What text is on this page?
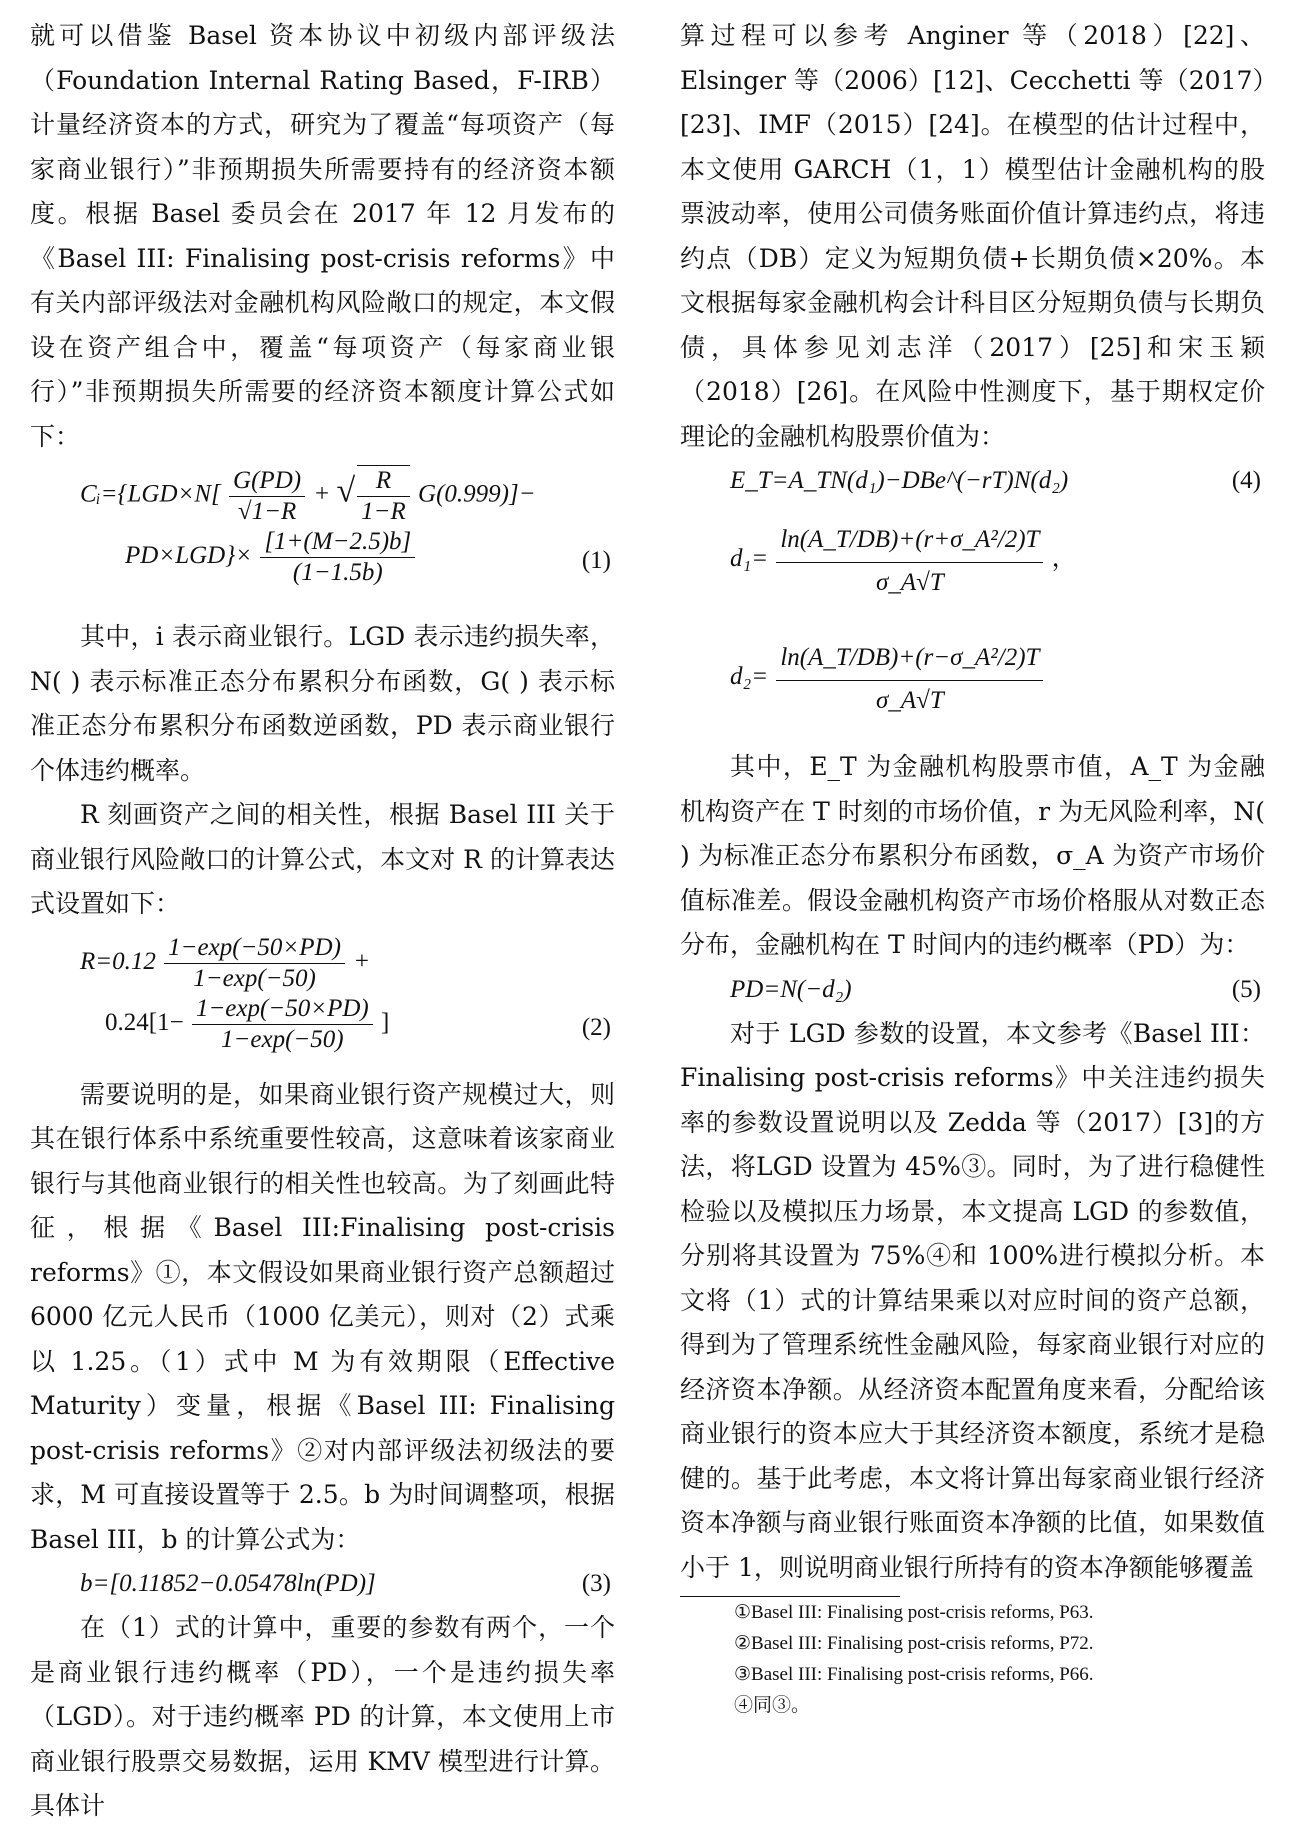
就可以借鉴 Basel 资本协议中初级内部评级法（Foundation Internal Rating Based，F-IRB）计量经济资本的方式，研究为了覆盖“每项资产（每家商业银行）”非预期损失所需要持有的经济资本额度。根据 Basel 委员会在 2017 年 12 月发布的《Basel III: Finalising post-crisis reforms》中有关内部评级法对金融机构风险敞口的规定，本文假设在资产组合中，覆盖“每项资产（每家商业银行）”非预期损失所需要的经济资本额度计算公式如下：

Cᵢ={LGD×N[ $\frac{G(PD)}{√1-R}$ + √ $\frac{R}{1-R} G(0.999)]-$
$PD\times LGD\}\times \frac{[1+(M-2.5)b]}{(1-1.5b)}$	(1)

其中，i 表示商业银行。LGD 表示违约损失率，N( ) 表示标准正态分布累积分布函数，G( ) 表示标准正态分布累积分布函数逆函数，PD 表示商业银行个体违约概率。

R 刻画资产之间的相关性，根据 Basel III 关于商业银行风险敞口的计算公式，本文对 R 的计算表达式设置如下：

$R=0.12 \frac{1-\exp(-50\times PD)}{1-\exp(-50)}$ +
$0.24[1- \frac{1-\exp(-50\times PD)}{1-\exp(-50)}$ ]	(2)

需要说明的是，如果商业银行资产规模过大，则其在银行体系中系统重要性较高，这意味着该家商业银行与其他商业银行的相关性也较高。为了刻画此特征，根据《Basel III:Finalising post-crisis reforms》①，本文假设如果商业银行资产总额超过 6000 亿元人民币（1000 亿美元），则对（2）式乘以 1.25。（1）式中 M 为有效期限（Effective Maturity）变量，根据《Basel III: Finalising post-crisis reforms》②对内部评级法初级法的要求，M 可直接设置等于 2.5。b 为时间调整项，根据 Basel III，b 的计算公式为：

b=[0.11852−0.05478ln(PD)]	(3)

在（1）式的计算中，重要的参数有两个，一个是商业银行违约概率（PD），一个是违约损失率（LGD）。对于违约概率 PD 的计算，本文使用上市商业银行股票交易数据，运用 KMV 模型进行计算。具体计

算过程可以参考 Anginer 等（2018）[22]、Elsinger 等（2006）[12]、Cecchetti 等（2017）[23]、IMF（2015）[24]。在模型的估计过程中，本文使用 GARCH（1，1）模型估计金融机构的股票波动率，使用公司债务账面价值计算违约点，将违约点（DB）定义为短期负债+长期负债×20%。本文根据每家金融机构会计科目区分短期负债与长期负债，具体参见刘志洋（2017）[25]和宋玉颖（2018）[26]。在风险中性测度下，基于期权定价理论的金融机构股票价值为：

E_T=A_TN(d₁)−DBe^(−rT)N(d₂)	(4)
$d_1= \frac{\text{ln(A\_T/DB)+(r+σ\_A²/2)T}}{\sigma\_A√T}$ ，
$d_2= \frac{\text{ln(A\_T/DB)+(r−σ\_A²/2)T}}{\sigma\_A√T}$

其中，E_T 为金融机构股票市值，A_T 为金融机构资产在 T 时刻的市场价值，r 为无风险利率，N( ) 为标准正态分布累积分布函数，σ_A 为资产市场价值标准差。假设金融机构资产市场价格服从对数正态分布，金融机构在 T 时间内的违约概率（PD）为：

PD=N(−d₂)	(5)

对于 LGD 参数的设置，本文参考《Basel III：Finalising post-crisis reforms》中关注违约损失率的参数设置说明以及 Zedda 等（2017）[3]的方法，将LGD 设置为 45%③。同时，为了进行稳健性检验以及模拟压力场景，本文提高 LGD 的参数值，分别将其设置为 75%④和 100%进行模拟分析。本文将（1）式的计算结果乘以对应时间的资产总额，得到为了管理系统性金融风险，每家商业银行对应的经济资本净额。从经济资本配置角度来看，分配给该商业银行的资本应大于其经济资本额度，系统才是稳健的。基于此考虑，本文将计算出每家商业银行经济资本净额与商业银行账面资本净额的比值，如果数值小于 1，则说明商业银行所持有的资本净额能够覆盖

①Basel III: Finalising post-crisis reforms, P63.
②Basel III: Finalising post-crisis reforms, P72.
③Basel III: Finalising post-crisis reforms, P66.
④同③。
